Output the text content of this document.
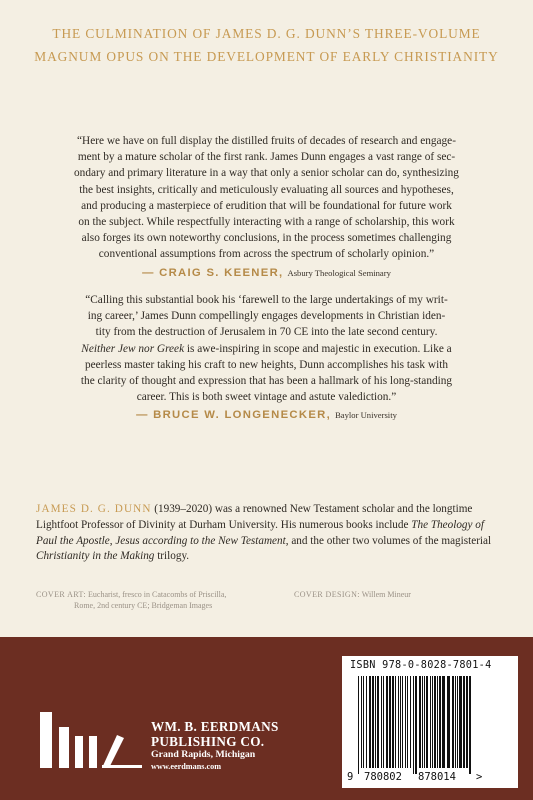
THE CULMINATION OF JAMES D. G. DUNN’S THREE-VOLUME
MAGNUM OPUS ON THE DEVELOPMENT OF EARLY CHRISTIANITY
“Here we have on full display the distilled fruits of decades of research and engage-
ment by a mature scholar of the first rank. James Dunn engages a vast range of sec-
ondary and primary literature in a way that only a senior scholar can do, synthesizing
the best insights, critically and meticulously evaluating all sources and hypotheses,
and producing a masterpiece of erudition that will be foundational for future work
on the subject. While respectfully interacting with a range of scholarship, this work
also forges its own noteworthy conclusions, in the process sometimes challenging
conventional assumptions from across the spectrum of scholarly opinion.”
— CRAIG S. KEENER, Asbury Theological Seminary
“Calling this substantial book his ‘farewell to the large undertakings of my writ-
ing career,’ James Dunn compellingly engages developments in Christian iden-
tity from the destruction of Jerusalem in 70 CE into the late second century.
Neither Jew nor Greek is awe-inspiring in scope and majestic in execution. Like a
peerless master taking his craft to new heights, Dunn accomplishes his task with
the clarity of thought and expression that has been a hallmark of his long-standing
career. This is both sweet vintage and astute valediction.”
— BRUCE W. LONGENECKER, Baylor University
JAMES D. G. DUNN (1939–2020) was a renowned New Testament scholar and the longtime Lightfoot Professor of Divinity at Durham University. His numerous books include The Theology of Paul the Apostle, Jesus according to the New Testament, and the other two volumes of the magisterial Christianity in the Making trilogy.
COVER ART: Eucharist, fresco in Catacombs of Priscilla,
Rome, 2nd century CE; Bridgeman Images
COVER DESIGN: Willem Mineur
WM. B. EERDMANS
PUBLISHING CO.
Grand Rapids, Michigan
www.eerdmans.com
ISBN 978-0-8028-7801-4
9 780802 878014 >
